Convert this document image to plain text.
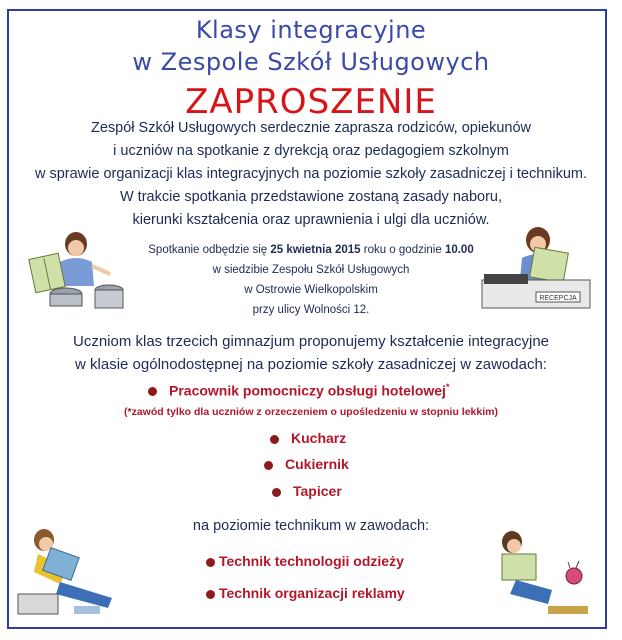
Klasy integracyjne
w Zespole Szkół Usługowych
ZAPROSZENIE
Zespół Szkół Usługowych serdecznie zaprasza rodziców, opiekunów
i uczniów na spotkanie z dyrekcją oraz pedagogiem szkolnym
w sprawie organizacji klas integracyjnych na poziomie szkoły zasadniczej i technikum.
W trakcie spotkania przedstawione zostaną zasady naboru,
kierunki kształcenia oraz uprawnienia i ulgi dla uczniów.
Spotkanie odbędzie się 25 kwietnia 2015 roku o godzinie 10.00
w siedzibie Zespołu Szkół Usługowych
w Ostrowie Wielkopolskim
przy ulicy Wolności 12.
Uczniom klas trzecich gimnazjum proponujemy kształcenie integracyjne
w klasie ogólnodostępnej na poziomie szkoły zasadniczej w zawodach:
Pracownik pomocniczy obsługi hotelowej*
(*zawód tylko dla uczniów z orzeczeniem o upośledzeniu w stopniu lekkim)
Kucharz
Cukiernik
Tapicer
na poziomie technikum w zawodach:
Technik technologii odzieży
Technik organizacji reklamy
RECEPCJA
